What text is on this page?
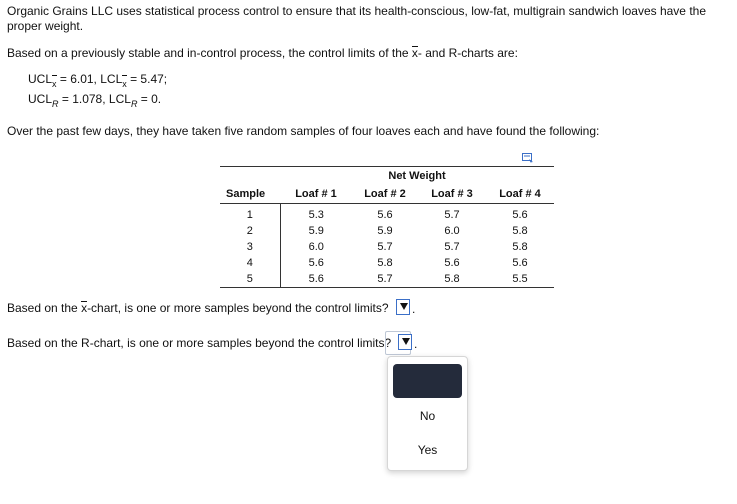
Organic Grains LLC uses statistical process control to ensure that its health-conscious, low-fat, multigrain sandwich loaves have the proper weight.
Based on a previously stable and in-control process, the control limits of the x- and R-charts are:
UCLx = 6.01, LCLx = 5.47;
$UCL_R = 1.078$, $LCL_R = 0$.
Over the past few days, they have taken five random samples of four loaves each and have found the following:
	Net Weight			
Sample	Loaf # 1	Loaf # 2	Loaf # 3	Loaf # 4
1	5.3	5.6	5.7	5.6
2	5.9	5.9	6.0	5.8
3	6.0	5.7	5.7	5.8
4	5.6	5.8	5.6	5.6
5	5.6	5.7	5.8	5.5
Based on the x-chart, is one or more samples beyond the control limits? .
Based on the R-chart, is one or more samples beyond the control limits? .
No
Yes
